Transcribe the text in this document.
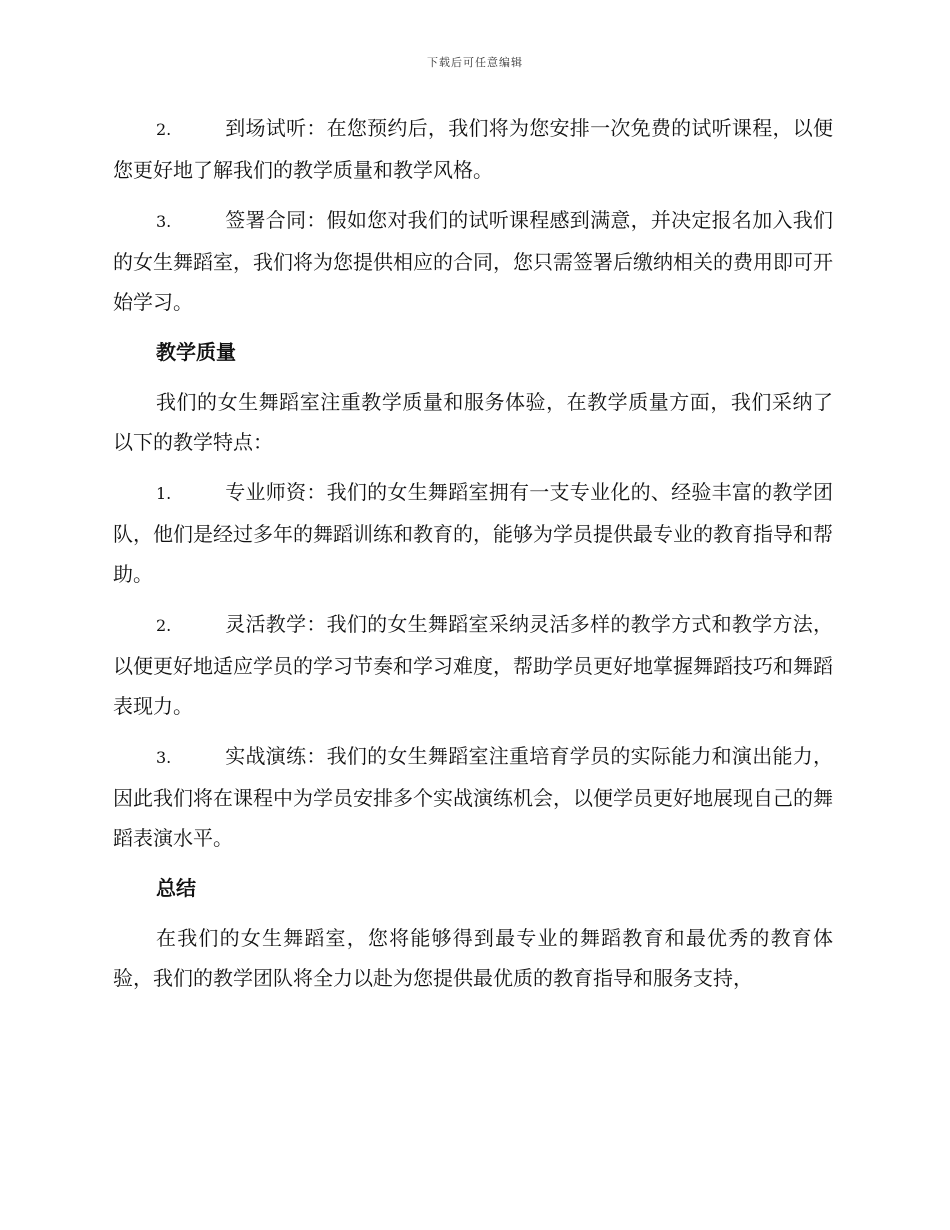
下载后可任意编辑

2.	到场试听：在您预约后，我们将为您安排一次免费的试听课程，以便您更好地了解我们的教学质量和教学风格。

3.	签署合同：假如您对我们的试听课程感到满意，并决定报名加入我们的女生舞蹈室，我们将为您提供相应的合同，您只需签署后缴纳相关的费用即可开始学习。

教学质量

我们的女生舞蹈室注重教学质量和服务体验，在教学质量方面，我们采纳了以下的教学特点：

1.	专业师资：我们的女生舞蹈室拥有一支专业化的、经验丰富的教学团队，他们是经过多年的舞蹈训练和教育的，能够为学员提供最专业的教育指导和帮助。

2.	灵活教学：我们的女生舞蹈室采纳灵活多样的教学方式和教学方法，以便更好地适应学员的学习节奏和学习难度，帮助学员更好地掌握舞蹈技巧和舞蹈表现力。

3.	实战演练：我们的女生舞蹈室注重培育学员的实际能力和演出能力，因此我们将在课程中为学员安排多个实战演练机会，以便学员更好地展现自己的舞蹈表演水平。

总结

在我们的女生舞蹈室，您将能够得到最专业的舞蹈教育和最优秀的教育体验，我们的教学团队将全力以赴为您提供最优质的教育指导和服务支持，
